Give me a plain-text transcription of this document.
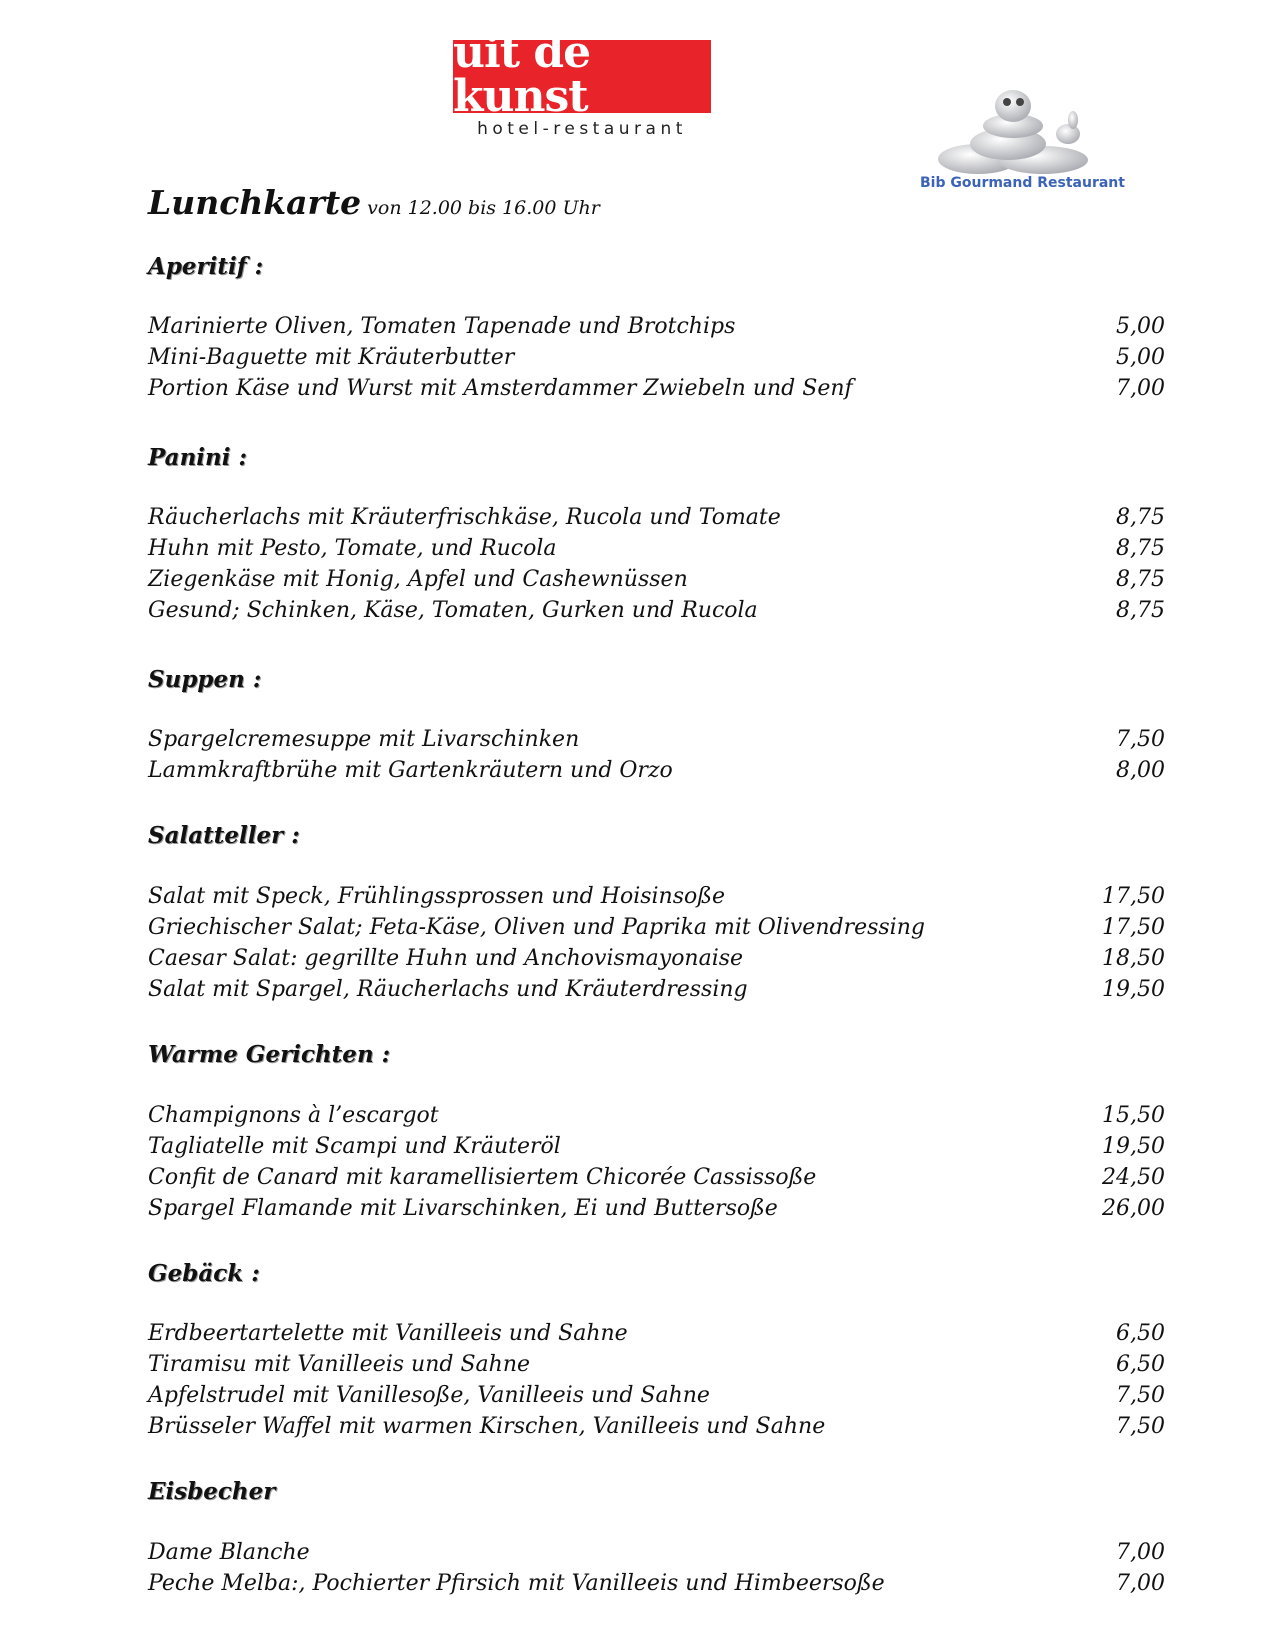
uit de kunst
hotel-restaurant
Bib Gourmand Restaurant
Lunchkarte von 12.00 bis 16.00 Uhr
Aperitif :
Marinierte Oliven, Tomaten Tapenade und Brotchips	5,00
Mini-Baguette mit Kräuterbutter	5,00
Portion Käse und Wurst mit Amsterdammer Zwiebeln und Senf	7,00
Panini :
Räucherlachs mit Kräuterfrischkäse, Rucola und Tomate	8,75
Huhn mit Pesto, Tomate, und Rucola	8,75
Ziegenkäse mit Honig, Apfel und Cashewnüssen	8,75
Gesund; Schinken, Käse, Tomaten, Gurken und Rucola	8,75
Suppen :
Spargelcremesuppe mit Livarschinken	7,50
Lammkraftbrühe mit Gartenkräutern und Orzo	8,00
Salatteller :
Salat mit Speck, Frühlingssprossen und Hoisinsoße	17,50
Griechischer Salat; Feta-Käse, Oliven und Paprika mit Olivendressing	17,50
Caesar Salat: gegrillte Huhn und Anchovismayonaise	18,50
Salat mit Spargel, Räucherlachs und Kräuterdressing	19,50
Warme Gerichten :
Champignons à l’escargot	15,50
Tagliatelle mit Scampi und Kräuteröl	19,50
Confit de Canard mit karamellisiertem Chicorée Cassissoße	24,50
Spargel Flamande mit Livarschinken, Ei und Buttersoße	26,00
Gebäck :
Erdbeertartelette mit Vanilleeis und Sahne	6,50
Tiramisu mit Vanilleeis und Sahne	6,50
Apfelstrudel mit Vanillesoße, Vanilleeis und Sahne	7,50
Brüsseler Waffel mit warmen Kirschen, Vanilleeis und Sahne	7,50
Eisbecher
Dame Blanche	7,00
Peche Melba:, Pochierter Pfirsich mit Vanilleeis und Himbeersoße	7,00
